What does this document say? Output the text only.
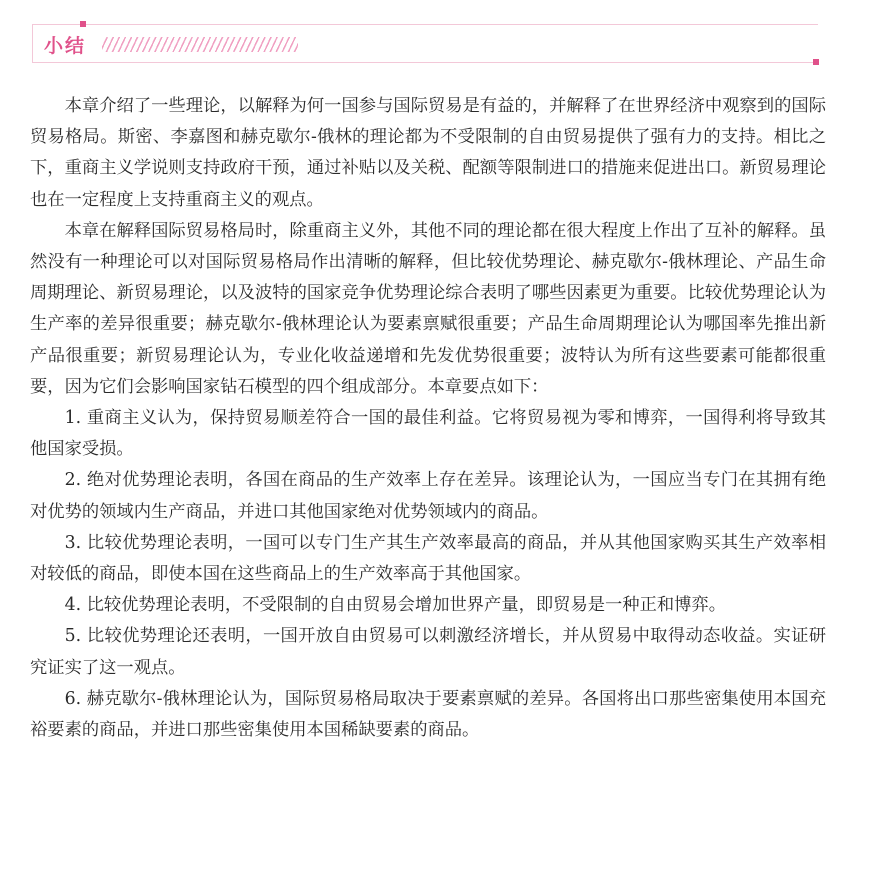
小结

本章介绍了一些理论，以解释为何一国参与国际贸易是有益的，并解释了在世界经济中观察到的国际贸易格局。斯密、李嘉图和赫克歇尔-俄林的理论都为不受限制的自由贸易提供了强有力的支持。相比之下，重商主义学说则支持政府干预，通过补贴以及关税、配额等限制进口的措施来促进出口。新贸易理论也在一定程度上支持重商主义的观点。

本章在解释国际贸易格局时，除重商主义外，其他不同的理论都在很大程度上作出了互补的解释。虽然没有一种理论可以对国际贸易格局作出清晰的解释，但比较优势理论、赫克歇尔-俄林理论、产品生命周期理论、新贸易理论，以及波特的国家竞争优势理论综合表明了哪些因素更为重要。比较优势理论认为生产率的差异很重要；赫克歇尔-俄林理论认为要素禀赋很重要；产品生命周期理论认为哪国率先推出新产品很重要；新贸易理论认为，专业化收益递增和先发优势很重要；波特认为所有这些要素可能都很重要，因为它们会影响国家钻石模型的四个组成部分。本章要点如下：

1. 重商主义认为，保持贸易顺差符合一国的最佳利益。它将贸易视为零和博弈，一国得利将导致其他国家受损。

2. 绝对优势理论表明，各国在商品的生产效率上存在差异。该理论认为，一国应当专门在其拥有绝对优势的领域内生产商品，并进口其他国家绝对优势领域内的商品。

3. 比较优势理论表明，一国可以专门生产其生产效率最高的商品，并从其他国家购买其生产效率相对较低的商品，即使本国在这些商品上的生产效率高于其他国家。

4. 比较优势理论表明，不受限制的自由贸易会增加世界产量，即贸易是一种正和博弈。

5. 比较优势理论还表明，一国开放自由贸易可以刺激经济增长，并从贸易中取得动态收益。实证研究证实了这一观点。

6. 赫克歇尔-俄林理论认为，国际贸易格局取决于要素禀赋的差异。各国将出口那些密集使用本国充裕要素的商品，并进口那些密集使用本国稀缺要素的商品。
